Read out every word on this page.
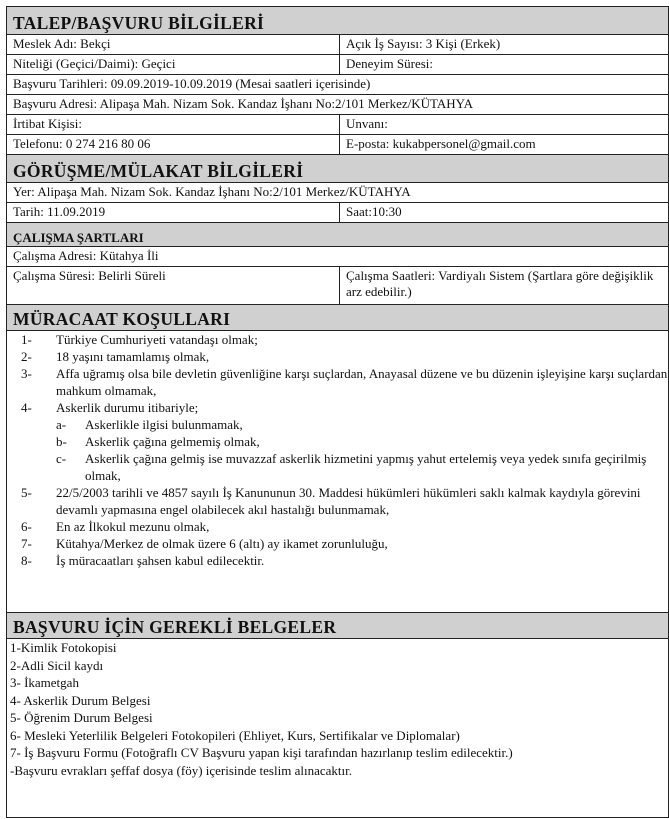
TALEP/BAŞVURU BİLGİLERİ
Meslek Adı: Bekçi	Açık İş Sayısı: 3 Kişi (Erkek)
Niteliği (Geçici/Daimi): Geçici	Deneyim Süresi:
Başvuru Tarihleri: 09.09.2019-10.09.2019 (Mesai saatleri içerisinde)
Başvuru Adresi: Alipaşa Mah. Nizam Sok. Kandaz İşhanı No:2/101 Merkez/KÜTAHYA
İrtibat Kişisi:	Unvanı:
Telefonu: 0 274 216 80 06	E-posta: kukabpersonel@gmail.com
GÖRÜŞME/MÜLAKAT BİLGİLERİ
Yer: Alipaşa Mah. Nizam Sok. Kandaz İşhanı No:2/101 Merkez/KÜTAHYA
Tarih: 11.09.2019	Saat:10:30
ÇALIŞMA ŞARTLARI
Çalışma Adresi: Kütahya İli
Çalışma Süresi: Belirli Süreli	Çalışma Saatleri: Vardiyalı Sistem (Şartlara göre değişiklik arz edebilir.)
MÜRACAAT KOŞULLARI
1- Türkiye Cumhuriyeti vatandaşı olmak;
2- 18 yaşını tamamlamış olmak,
3- Affa uğramış olsa bile devletin güvenliğine karşı suçlardan, Anayasal düzene ve bu düzenin işleyişine karşı suçlardan mahkum olmamak,
4- Askerlik durumu itibariyle;
a- Askerlikle ilgisi bulunmamak,
b- Askerlik çağına gelmemiş olmak,
c- Askerlik çağına gelmiş ise muvazzaf askerlik hizmetini yapmış yahut ertelemiş veya yedek sınıfa geçirilmiş olmak,
5- 22/5/2003 tarihli ve 4857 sayılı İş Kanununun 30. Maddesi hükümleri hükümleri saklı kalmak kaydıyla görevini devamlı yapmasına engel olabilecek akıl hastalığı bulunmamak,
6- En az İlkokul mezunu olmak,
7- Kütahya/Merkez de olmak üzere 6 (altı) ay ikamet zorunluluğu,
8- İş müracaatları şahsen kabul edilecektir.
BAŞVURU İÇİN GEREKLİ BELGELER
1-Kimlik Fotokopisi
2-Adli Sicil kaydı
3- İkametgah
4- Askerlik Durum Belgesi
5- Öğrenim Durum Belgesi
6- Mesleki Yeterlilik Belgeleri Fotokopileri (Ehliyet, Kurs, Sertifikalar ve Diplomalar)
7- İş Başvuru Formu (Fotoğraflı CV Başvuru yapan kişi tarafından hazırlanıp teslim edilecektir.)
-Başvuru evrakları şeffaf dosya (föy) içerisinde teslim alınacaktır.
